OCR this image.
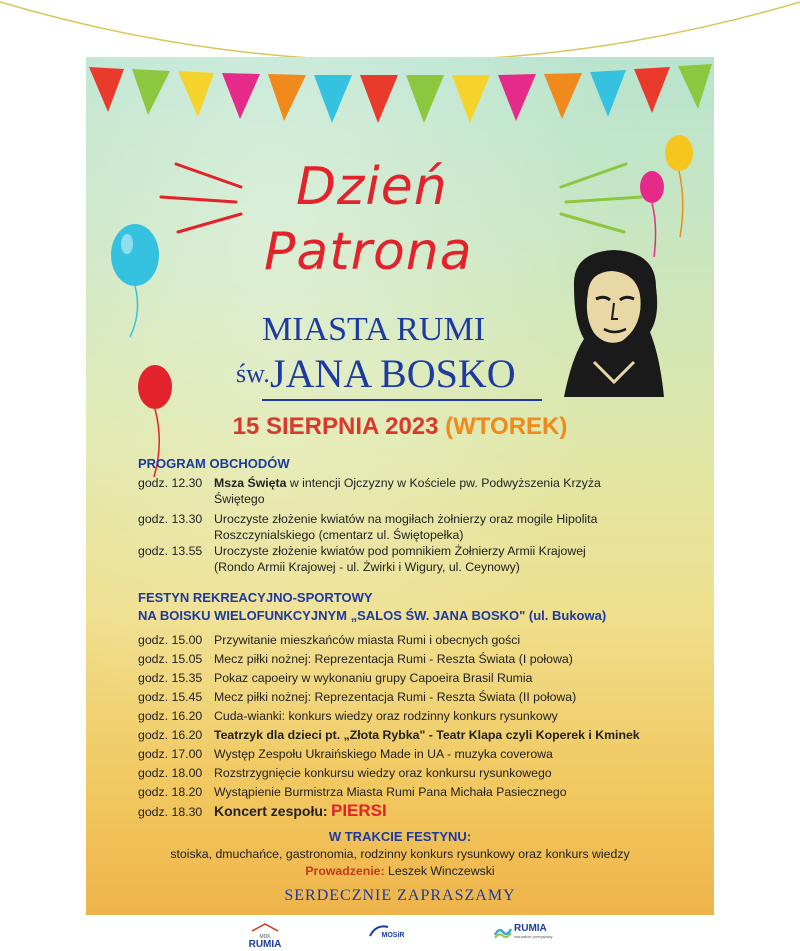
Dzień
Patrona
MIASTA RUMI
św. JANA BOSKO
15 SIERPNIA 2023 (WTOREK)
PROGRAM OBCHODÓW
godz. 12.30 Msza Święta w intencji Ojczyzny w Kościele pw. Podwyższenia Krzyża
Świętego
godz. 13.30 Uroczyste złożenie kwiatów na mogiłach żołnierzy oraz mogile Hipolita
Roszczynialskiego (cmentarz ul. Świętopełka)
godz. 13.55 Uroczyste złożenie kwiatów pod pomnikiem Żołnierzy Armii Krajowej
(Rondo Armii Krajowej - ul. Żwirki i Wigury, ul. Ceynowy)
FESTYN REKREACYJNO-SPORTOWY
NA BOISKU WIELOFUNKCYJNYM „SALOS ŚW. JANA BOSKO" (ul. Bukowa)
godz. 15.00 Przywitanie mieszkańców miasta Rumi i obecnych gości
godz. 15.05 Mecz piłki nożnej: Reprezentacja Rumi - Reszta Świata (I połowa)
godz. 15.35 Pokaz capoeiry w wykonaniu grupy Capoeira Brasil Rumia
godz. 15.45 Mecz piłki nożnej: Reprezentacja Rumi - Reszta Świata (II połowa)
godz. 16.20 Cuda-wianki: konkurs wiedzy oraz rodzinny konkurs rysunkowy
godz. 16.20 Teatrzyk dla dzieci pt. „Złota Rybka" - Teatr Klapa czyli Koperek i Kminek
godz. 17.00 Występ Zespołu Ukraińskiego Made in UA - muzyka coverowa
godz. 18.00 Rozstrzygnięcie konkursu wiedzy oraz konkursu rysunkowego
godz. 18.20 Wystąpienie Burmistrza Miasta Rumi Pana Michała Pasiecznego
godz. 18.30 Koncert zespołu: PIERSI
W TRAKCIE FESTYNU:
stoiska, dmuchańce, gastronomia, rodzinny konkurs rysunkowy oraz konkurs wiedzy
Prowadzenie: Leszek Winczewski
SERDECZNIE ZAPRASZAMY
MDK
RUMIA
MOSiR
RUMIA
naturalnie pomysłowy
